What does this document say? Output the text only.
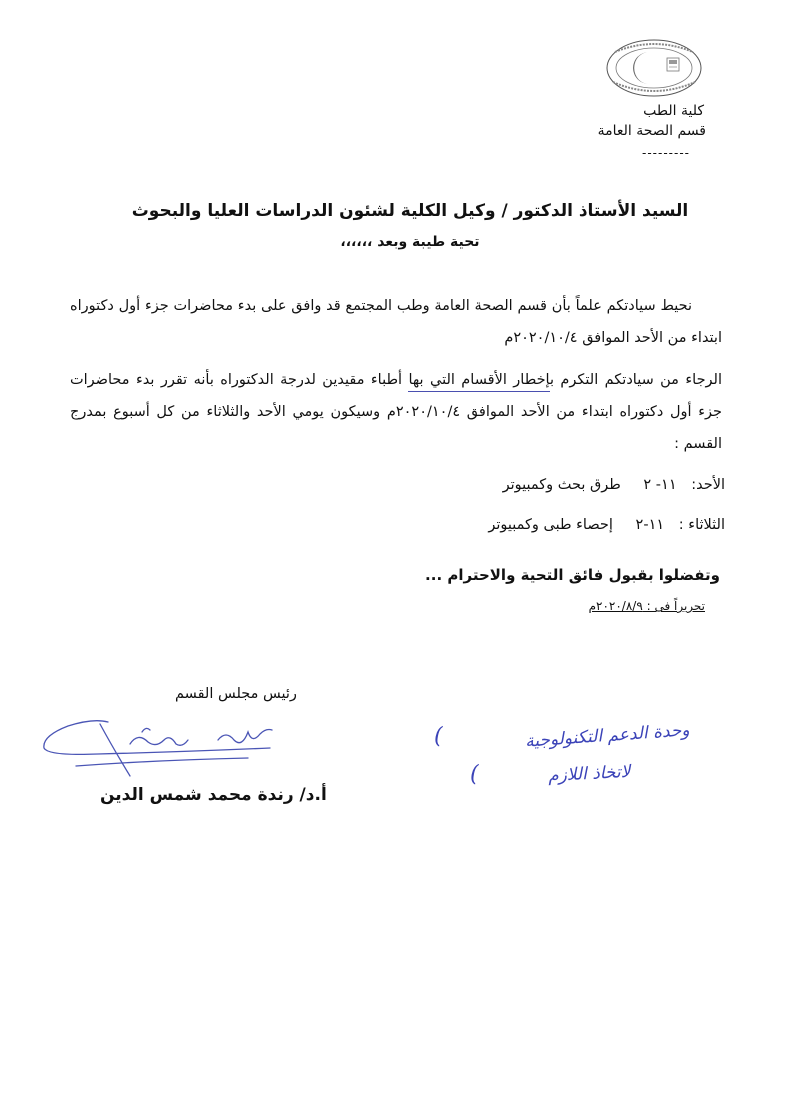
كلية الطب
قسم الصحة العامة
---------
السيد الأستاذ الدكتور / وكيل الكلية لشئون الدراسات العليا والبحوث
تحية طيبة وبعد ،،،،،،
نحيط سيادتكم علماً بأن قسم الصحة العامة وطب المجتمع قد وافق على بدء محاضرات جزء أول دكتوراه ابتداء من الأحد الموافق ٢٠٢٠/١٠/٤م
الرجاء من سيادتكم التكرم بإخطار الأقسام التي بها أطباء مقيدين لدرجة الدكتوراه بأنه تقرر بدء محاضرات جزء أول دكتوراه ابتداء من الأحد الموافق ٢٠٢٠/١٠/٤م وسيكون يومي الأحد والثلاثاء من كل أسبوع بمدرج القسم :
الأحد: ١١- ٢ طرق بحث وكمبيوتر
الثلاثاء : ١١-٢ إحصاء طبى وكمبيوتر
وتفضلوا بقبول فائق التحية والاحترام ...
تحريراً فى : ٢٠٢٠/٨/٩م
رئيس مجلس القسم
أ.د/ رندة محمد شمس الدين
(	وحدة الدعم التكنولوجية
(	لاتخاذ اللازم
